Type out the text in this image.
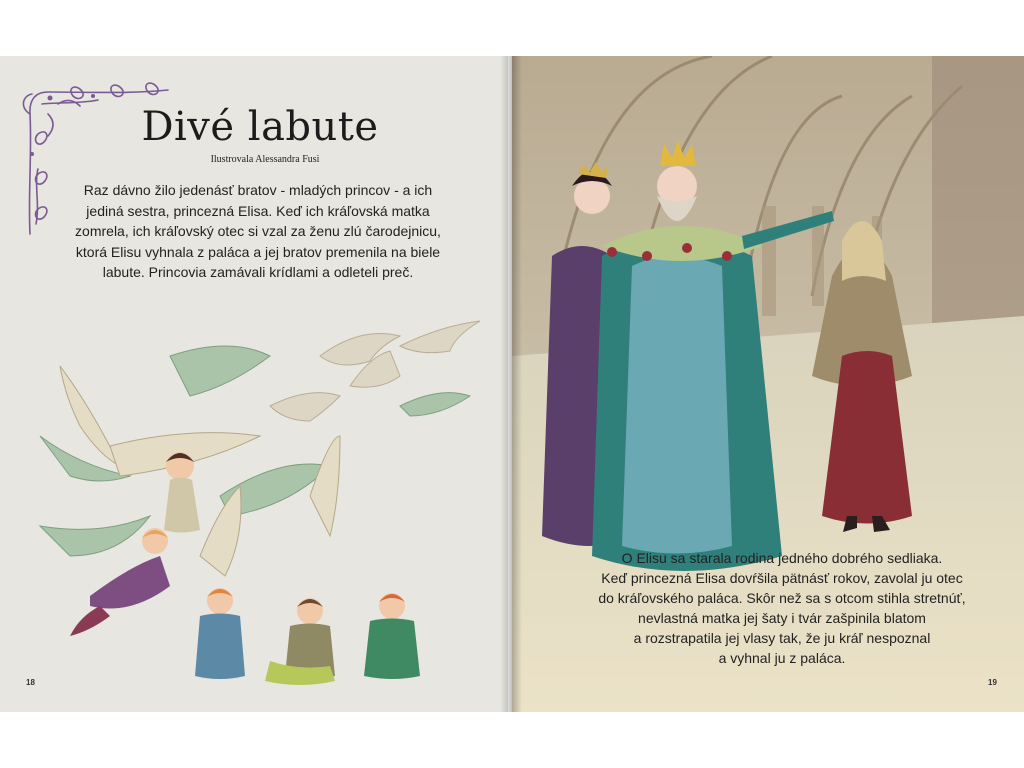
Divé labute
Ilustrovala Alessandra Fusi
Raz dávno žilo jedenásť bratov - mladých princov - a ich
jediná sestra, princezná Elisa. Keď ich kráľovská matka
zomrela, ich kráľovský otec si vzal za ženu zlú čarodejnicu,
ktorá Elisu vyhnala z paláca a jej bratov premenila na biele
labute. Princovia zamávali krídlami a odleteli preč.
18
O Elisu sa starala rodina jedného dobrého sedliaka.
Keď princezná Elisa dovŕšila pätnásť rokov, zavolal ju otec
do kráľovského paláca. Skôr než sa s otcom stihla stretnúť,
nevlastná matka jej šaty i tvár zašpinila blatom
a rozstrapatila jej vlasy tak, že ju kráľ nespoznal
a vyhnal ju z paláca.
19
